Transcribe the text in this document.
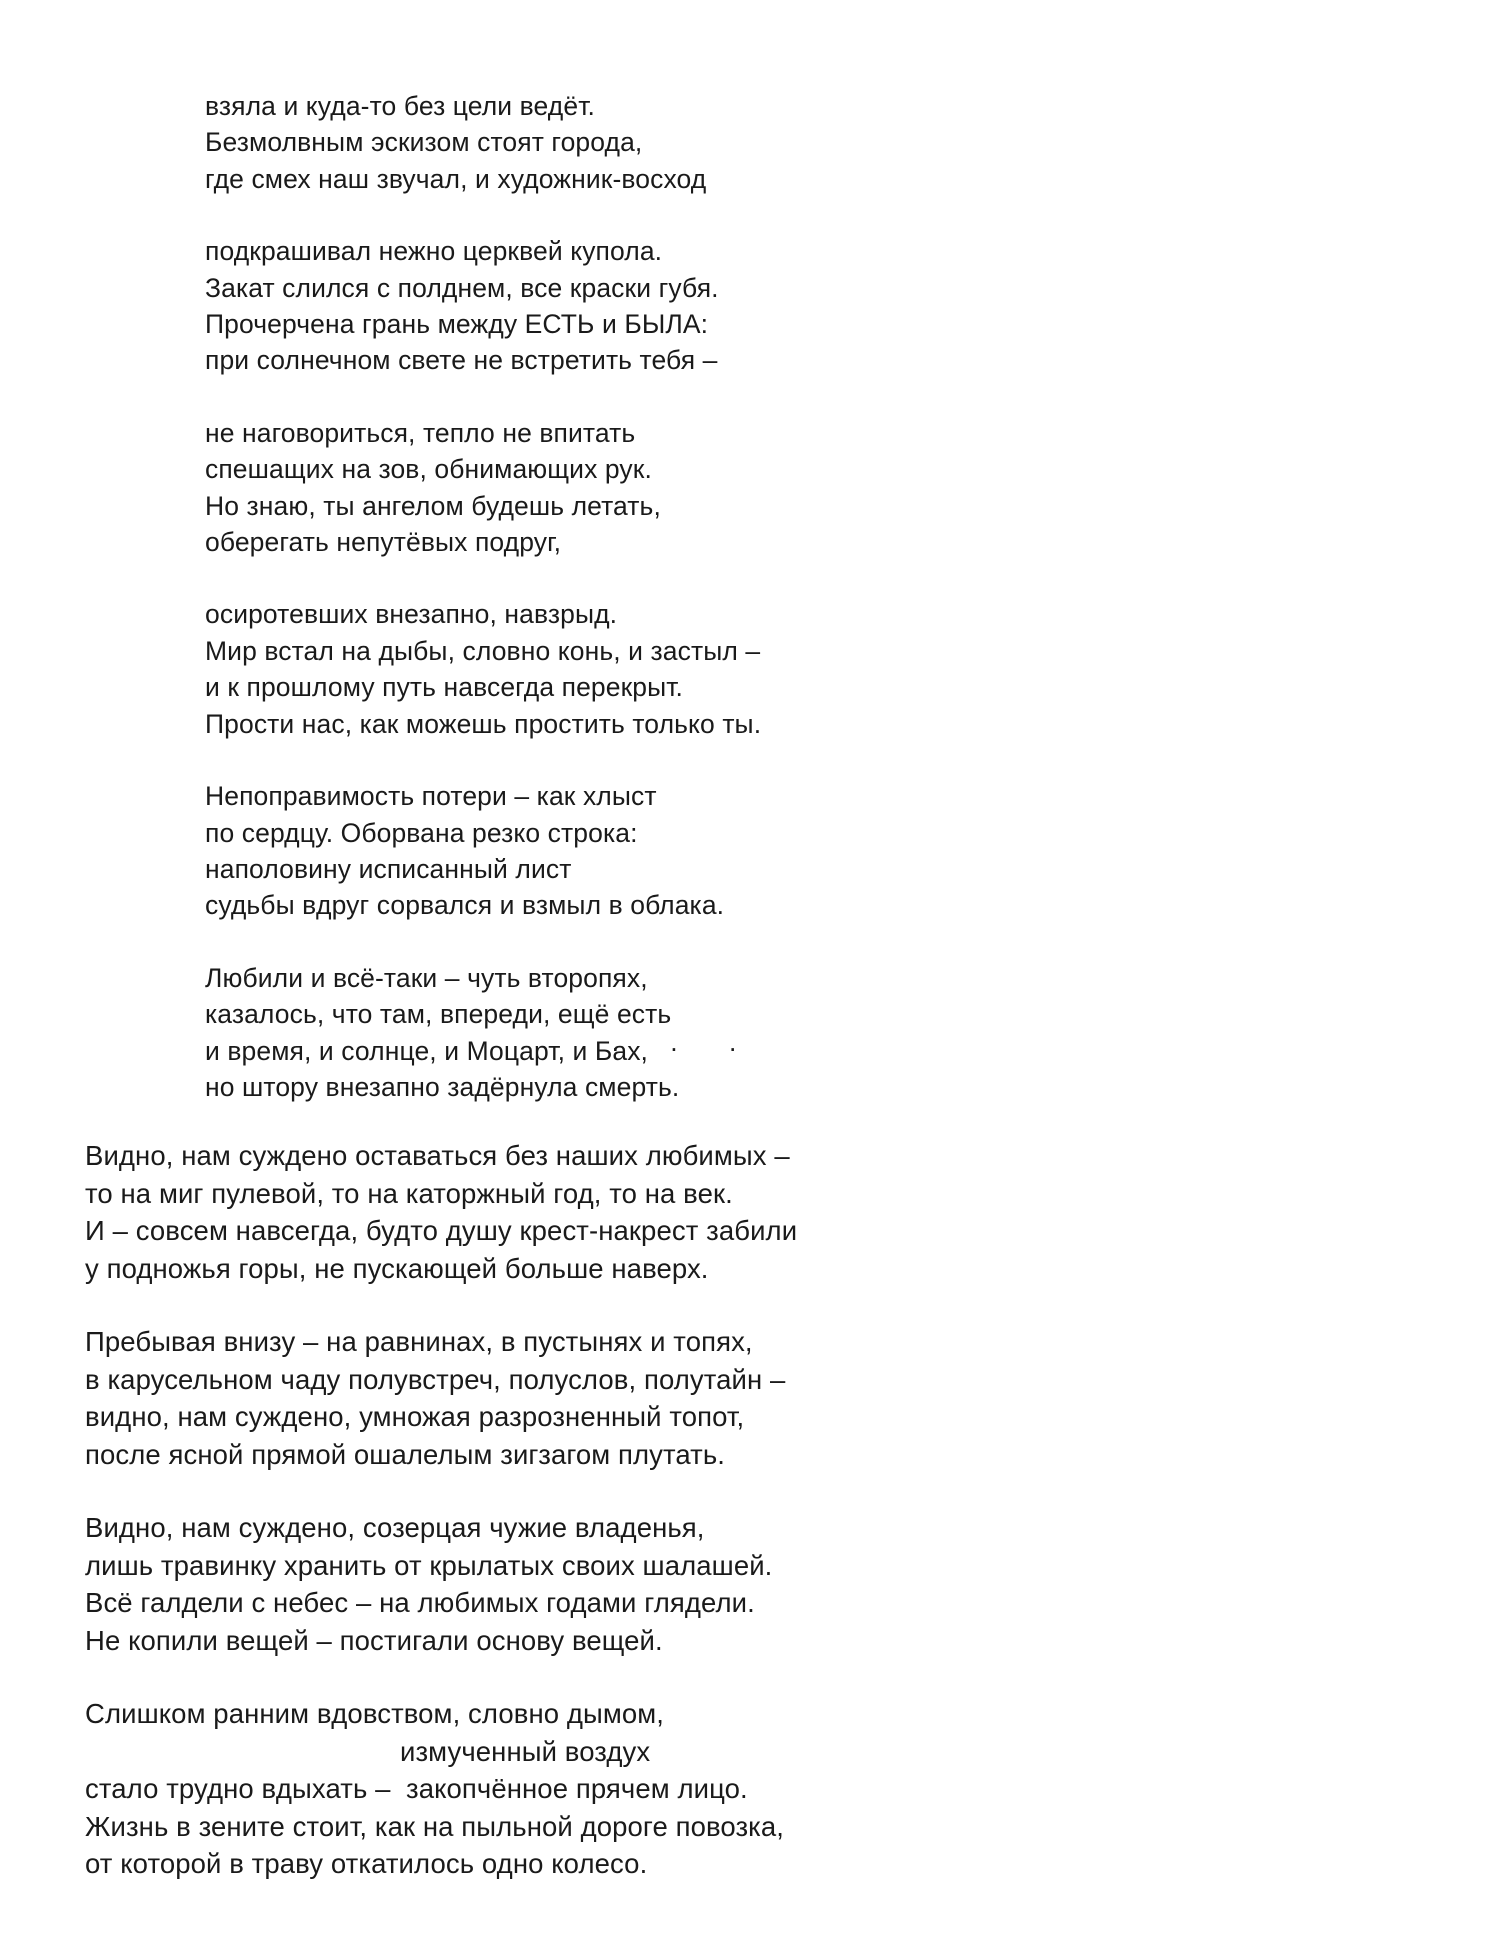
взяла и куда-то без цели ведёт.
Безмолвным эскизом стоят города,
где смех наш звучал, и художник-восход
подкрашивал нежно церквей купола.
Закат слился с полднем, все краски губя.
Прочерчена грань между ЕСТЬ и БЫЛА:
при солнечном свете не встретить тебя –
не наговориться, тепло не впитать
спешащих на зов, обнимающих рук.
Но знаю, ты ангелом будешь летать,
оберегать непутёвых подруг,
осиротевших внезапно, навзрыд.
Мир встал на дыбы, словно конь, и застыл –
и к прошлому путь навсегда перекрыт.
Прости нас, как можешь простить только ты.
Непоправимость потери – как хлыст
по сердцу. Оборвана резко строка:
наполовину исписанный лист
судьбы вдруг сорвался и взмыл в облака.
Любили и всё-таки – чуть второпях,
казалось, что там, впереди, ещё есть
и время, и солнце, и Моцарт, и Бах,
но штору внезапно задёрнула смерть.
. . .
Видно, нам суждено оставаться без наших любимых –
то на миг пулевой, то на каторжный год, то на век.
И – совсем навсегда, будто душу крест-накрест забили
у подножья горы, не пускающей больше наверх.
Пребывая внизу – на равнинах, в пустынях и топях,
в карусельном чаду полувстреч, полуслов, полутайн –
видно, нам суждено, умножая разрозненный топот,
после ясной прямой ошалелым зигзагом плутать.
Видно, нам суждено, созерцая чужие владенья,
лишь травинку хранить от крылатых своих шалашей.
Всё галдели с небес – на любимых годами глядели.
Не копили вещей – постигали основу вещей.
Слишком ранним вдовством, словно дымом,
измученный воздух
стало трудно вдыхать –  закопчённое прячем лицо.
Жизнь в зените стоит, как на пыльной дороге повозка,
от которой в траву откатилось одно колесо.
